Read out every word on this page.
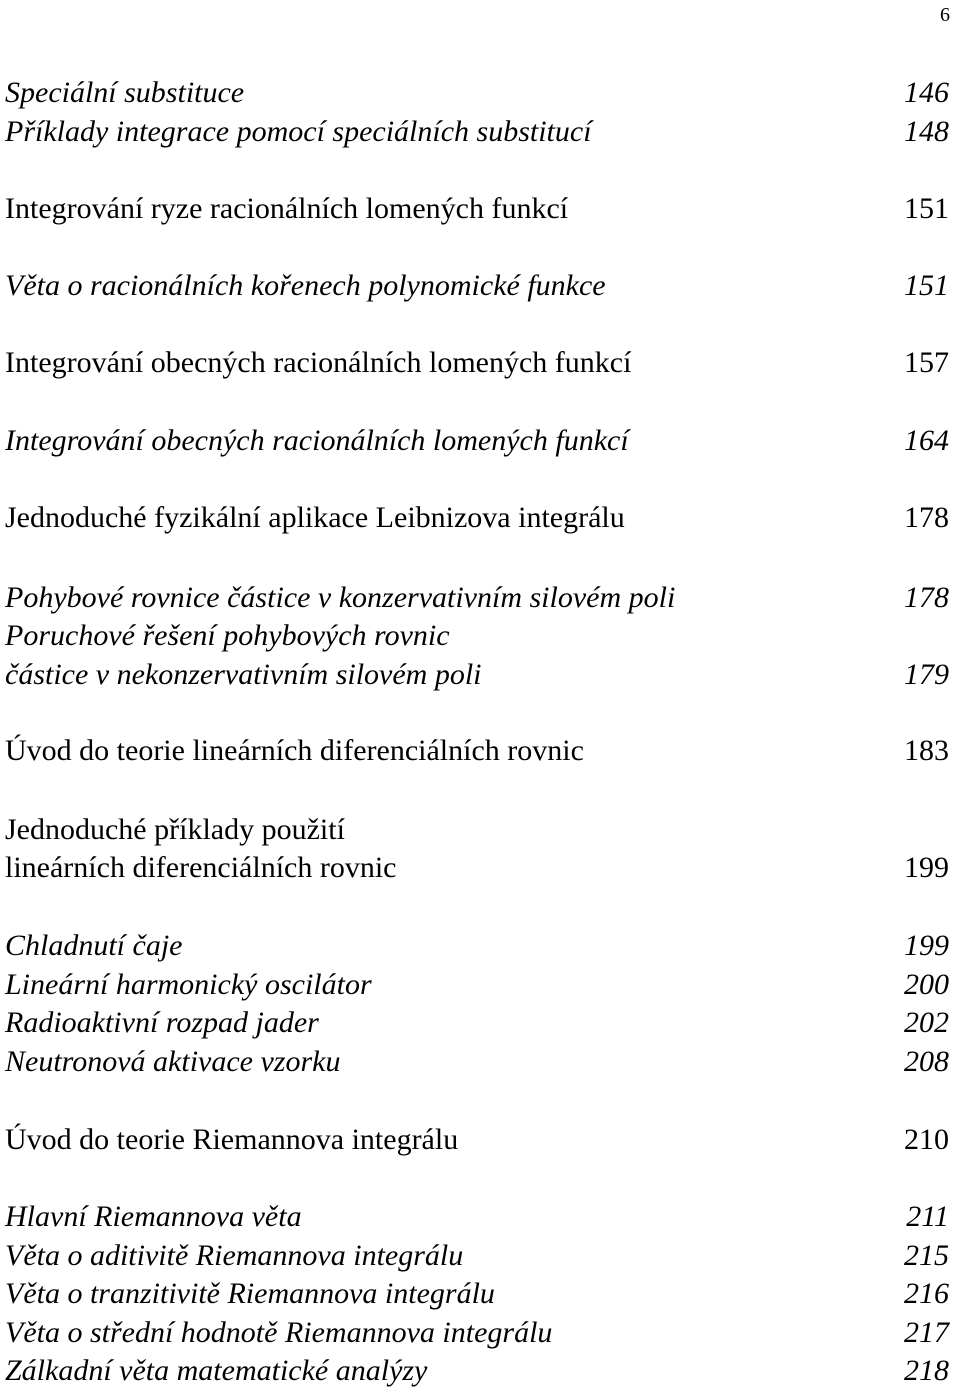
6
Speciální substituce	146
Příklady integrace pomocí speciálních substitucí	148
Integrování ryze racionálních lomených funkcí	151
Věta o racionálních kořenech polynomické funkce	151
Integrování obecných racionálních lomených funkcí	157
Integrování obecných racionálních lomených funkcí	164
Jednoduché fyzikální aplikace Leibnizova integrálu	178
Pohybové rovnice částice v konzervativním silovém poli	178
Poruchové řešení pohybových rovnic
částice v nekonzervativním silovém poli	179
Úvod do teorie lineárních diferenciálních rovnic	183
Jednoduché příklady použití
lineárních diferenciálních rovnic	199
Chladnutí čaje	199
Lineární harmonický oscilátor	200
Radioaktivní rozpad jader	202
Neutronová aktivace vzorku	208
Úvod do teorie Riemannova integrálu	210
Hlavní Riemannova věta	211
Věta o aditivitě Riemannova integrálu	215
Věta o tranzitivitě Riemannova integrálu	216
Věta o střední hodnotě Riemannova integrálu	217
Zálkadní věta matematické analýzy	218
